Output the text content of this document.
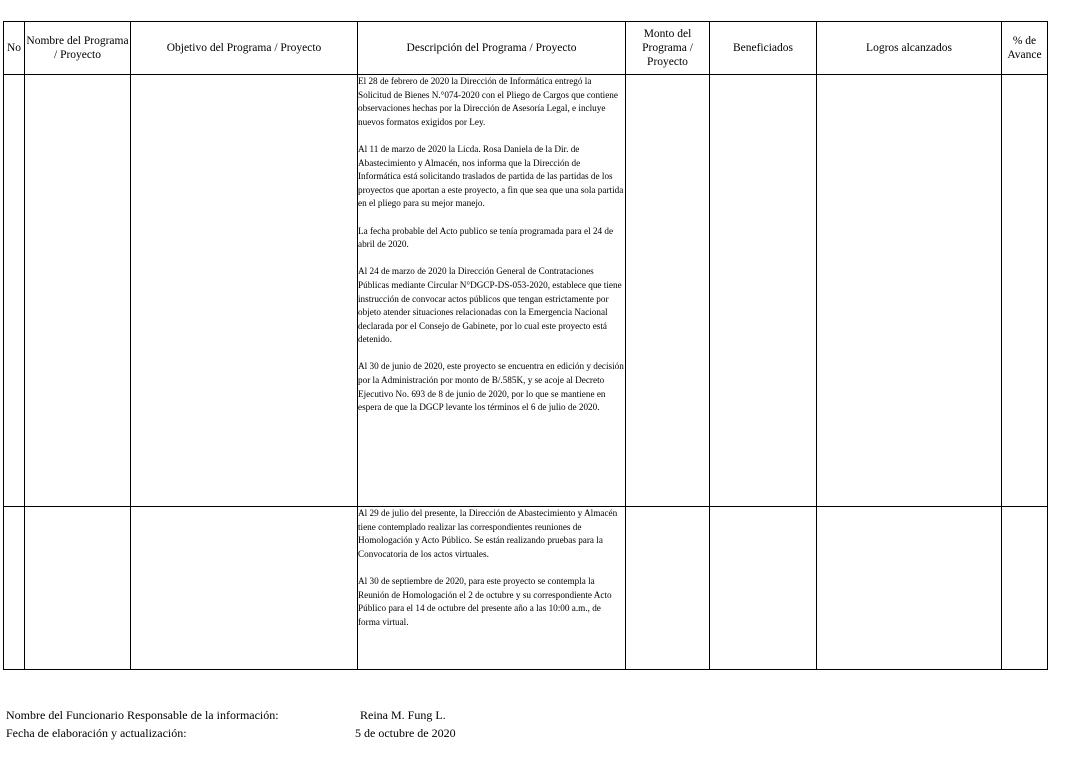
No	Nombre del Programa / Proyecto	Objetivo del Programa / Proyecto	Descripción del Programa / Proyecto	Monto del Programa / Proyecto	Beneficiados	Logros alcanzados	% de Avance

			El 28 de febrero de 2020 la Dirección de Informática entregó la Solicitud de Bienes N.°074-2020 con el Pliego de Cargos que contiene observaciones hechas por la Dirección de Asesoría Legal, e incluye nuevos formatos exigidos por Ley.

Al 11 de marzo de 2020 la Licda. Rosa Daniela de la Dir. de Abastecimiento y Almacén, nos informa que la Dirección de Informática está solicitando traslados de partida de las partidas de los proyectos que aportan a este proyecto, a fin que sea que una sola partida en el pliego para su mejor manejo.

La fecha probable del Acto publico se tenía programada para el 24 de abril de 2020.

Al 24 de marzo de 2020 la Dirección General de Contrataciones Públicas mediante Circular N°DGCP-DS-053-2020, establece que tiene instrucción de convocar actos públicos que tengan estrictamente por objeto atender situaciones relacionadas con la Emergencia Nacional declarada por el Consejo de Gabinete, por lo cual este proyecto está detenido.

Al 30 de junio de 2020, este proyecto se encuentra en edición y decisión por la Administración por monto de B/.585K, y se acoje al Decreto Ejecutivo No. 693 de 8 de junio de 2020, por lo que se mantiene en espera de que la DGCP levante los términos el 6 de julio de 2020.				

			Al 29 de julio del presente, la Dirección de Abastecimiento y Almacén tiene contemplado realizar las correspondientes reuniones de Homologación y Acto Público. Se están realizando pruebas para la Convocatoria de los actos virtuales.

Al 30 de septiembre de 2020, para este proyecto se contempla la Reunión de Homologación el 2 de octubre y su correspondiente Acto Público para el 14 de octubre del presente año a las 10:00 a.m., de forma virtual.				

Nombre del Funcionario Responsable de la información:	Reina M. Fung L.
Fecha de elaboración y actualización:	5 de octubre de 2020
